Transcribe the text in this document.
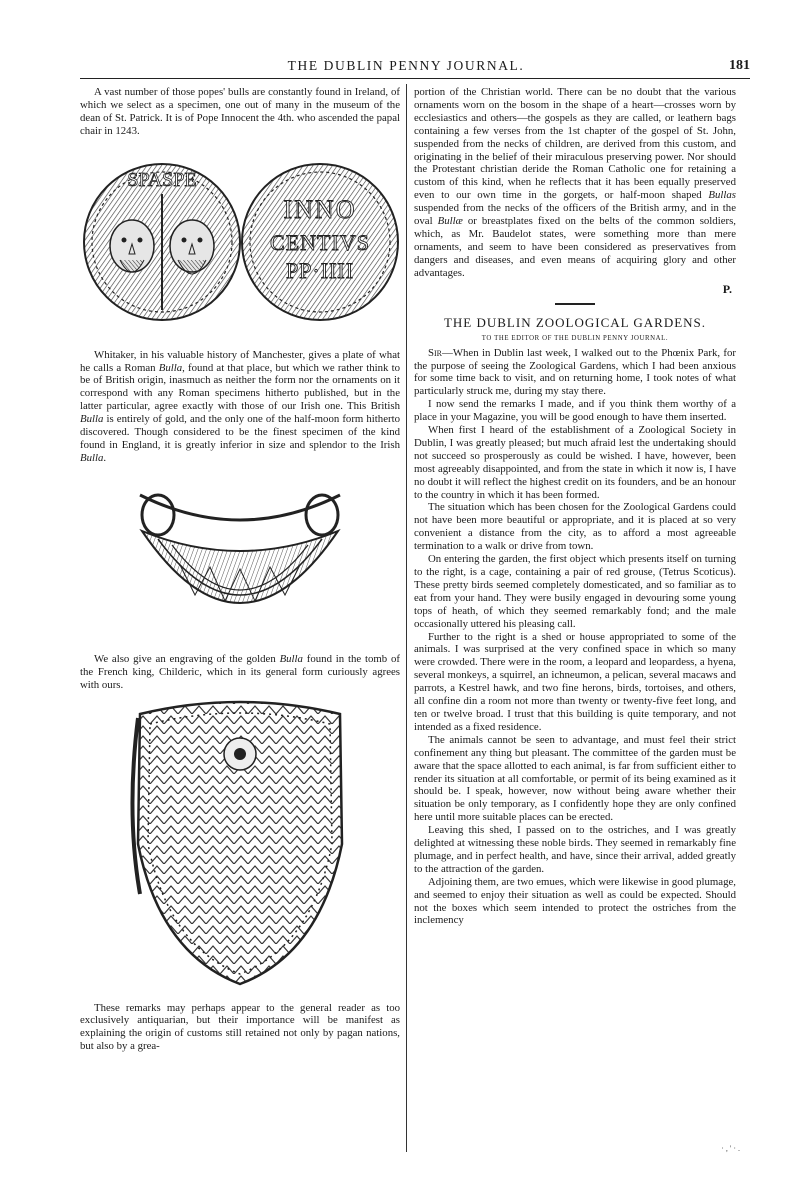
THE DUBLIN PENNY JOURNAL.	181

A vast number of those popes' bulls are constantly found in Ireland, of which we select as a specimen, one out of many in the museum of the dean of St. Patrick. It is of Pope Innocent the 4th. who ascended the papal chair in 1243.

SPASPE
INNO
CENTIVS
PP·IIII

Whitaker, in his valuable history of Manchester, gives a plate of what he calls a Roman Bulla, found at that place, but which we rather think to be of British origin, inasmuch as neither the form nor the ornaments on it correspond with any Roman specimens hitherto published, but in the latter particular, agree exactly with those of our Irish one. This British Bulla is entirely of gold, and the only one of the half-moon form hitherto discovered. Though considered to be the finest specimen of the kind found in England, it is greatly inferior in size and splendor to the Irish Bulla.

We also give an engraving of the golden Bulla found in the tomb of the French king, Childeric, which in its general form curiously agrees with ours.

These remarks may perhaps appear to the general reader as too exclusively antiquarian, but their importance will be manifest as explaining the origin of customs still retained not only by pagan nations, but also by a grea-

portion of the Christian world. There can be no doubt that the various ornaments worn on the bosom in the shape of a heart—crosses worn by ecclesiastics and others—the gospels as they are called, or leathern bags containing a few verses from the 1st chapter of the gospel of St. John, suspended from the necks of children, are derived from this custom, and originating in the belief of their miraculous preserving power. Nor should the Protestant christian deride the Roman Catholic one for retaining a custom of this kind, when he reflects that it has been equally preserved even to our own time in the gorgets, or half-moon shaped Bullas suspended from the necks of the officers of the British army, and in the oval Bullæ or breastplates fixed on the belts of the common soldiers, which, as Mr. Baudelot states, were something more than mere ornaments, and seem to have been considered as preservatives from dangers and diseases, and even means of acquiring glory and other advantages.

P.
THE DUBLIN ZOOLOGICAL GARDENS.
TO THE EDITOR OF THE DUBLIN PENNY JOURNAL.

Sir—When in Dublin last week, I walked out to the Phœnix Park, for the purpose of seeing the Zoological Gardens, which I had been anxious for some time back to visit, and on returning home, I took notes of what particularly struck me, during my stay there.

I now send the remarks I made, and if you think them worthy of a place in your Magazine, you will be good enough to have them inserted.

When first I heard of the establishment of a Zoological Society in Dublin, I was greatly pleased; but much afraid lest the undertaking should not succeed so prosperously as could be wished. I have, however, been most agreeably disappointed, and from the state in which it now is, I have no doubt it will reflect the highest credit on its founders, and be an honour to the country in which it has been formed.

The situation which has been chosen for the Zoological Gardens could not have been more beautiful or appropriate, and it is placed at so very convenient a distance from the city, as to afford a most agreeable termination to a walk or drive from town.

On entering the garden, the first object which presents itself on turning to the right, is a cage, containing a pair of red grouse, (Tetrus Scoticus). These pretty birds seemed completely domesticated, and so familiar as to eat from your hand. They were busily engaged in devouring some young tops of heath, of which they seemed remarkably fond; and the male occasionally uttered his pleasing call.

Further to the right is a shed or house appropriated to some of the animals. I was surprised at the very confined space in which so many were crowded. There were in the room, a leopard and leopardess, a hyena, several monkeys, a squirrel, an ichneumon, a pelican, several macaws and parrots, a Kestrel hawk, and two fine herons, birds, tortoises, and others, all confine din a room not more than twenty or twenty-five feet long, and ten or twelve broad. I trust that this building is quite temporary, and not intended as a fixed residence.

The animals cannot be seen to advantage, and must feel their strict confinement any thing but pleasant. The committee of the garden must be aware that the space allotted to each animal, is far from sufficient either to render its situation at all comfortable, or permit of its being examined as it should be. I speak, however, now without being aware whether their situation be only temporary, as I confidently hope they are only confined here until more suitable places can be erected.

Leaving this shed, I passed on to the ostriches, and I was greatly delighted at witnessing these noble birds. They seemed in remarkably fine plumage, and in perfect health, and have, since their arrival, added greatly to the attraction of the garden.

Adjoining them, are two emues, which were likewise in good plumage, and seemed to enjoy their situation as well as could be expected. Should not the boxes which seem intended to protect the ostriches from the inclemency

·,'·.
